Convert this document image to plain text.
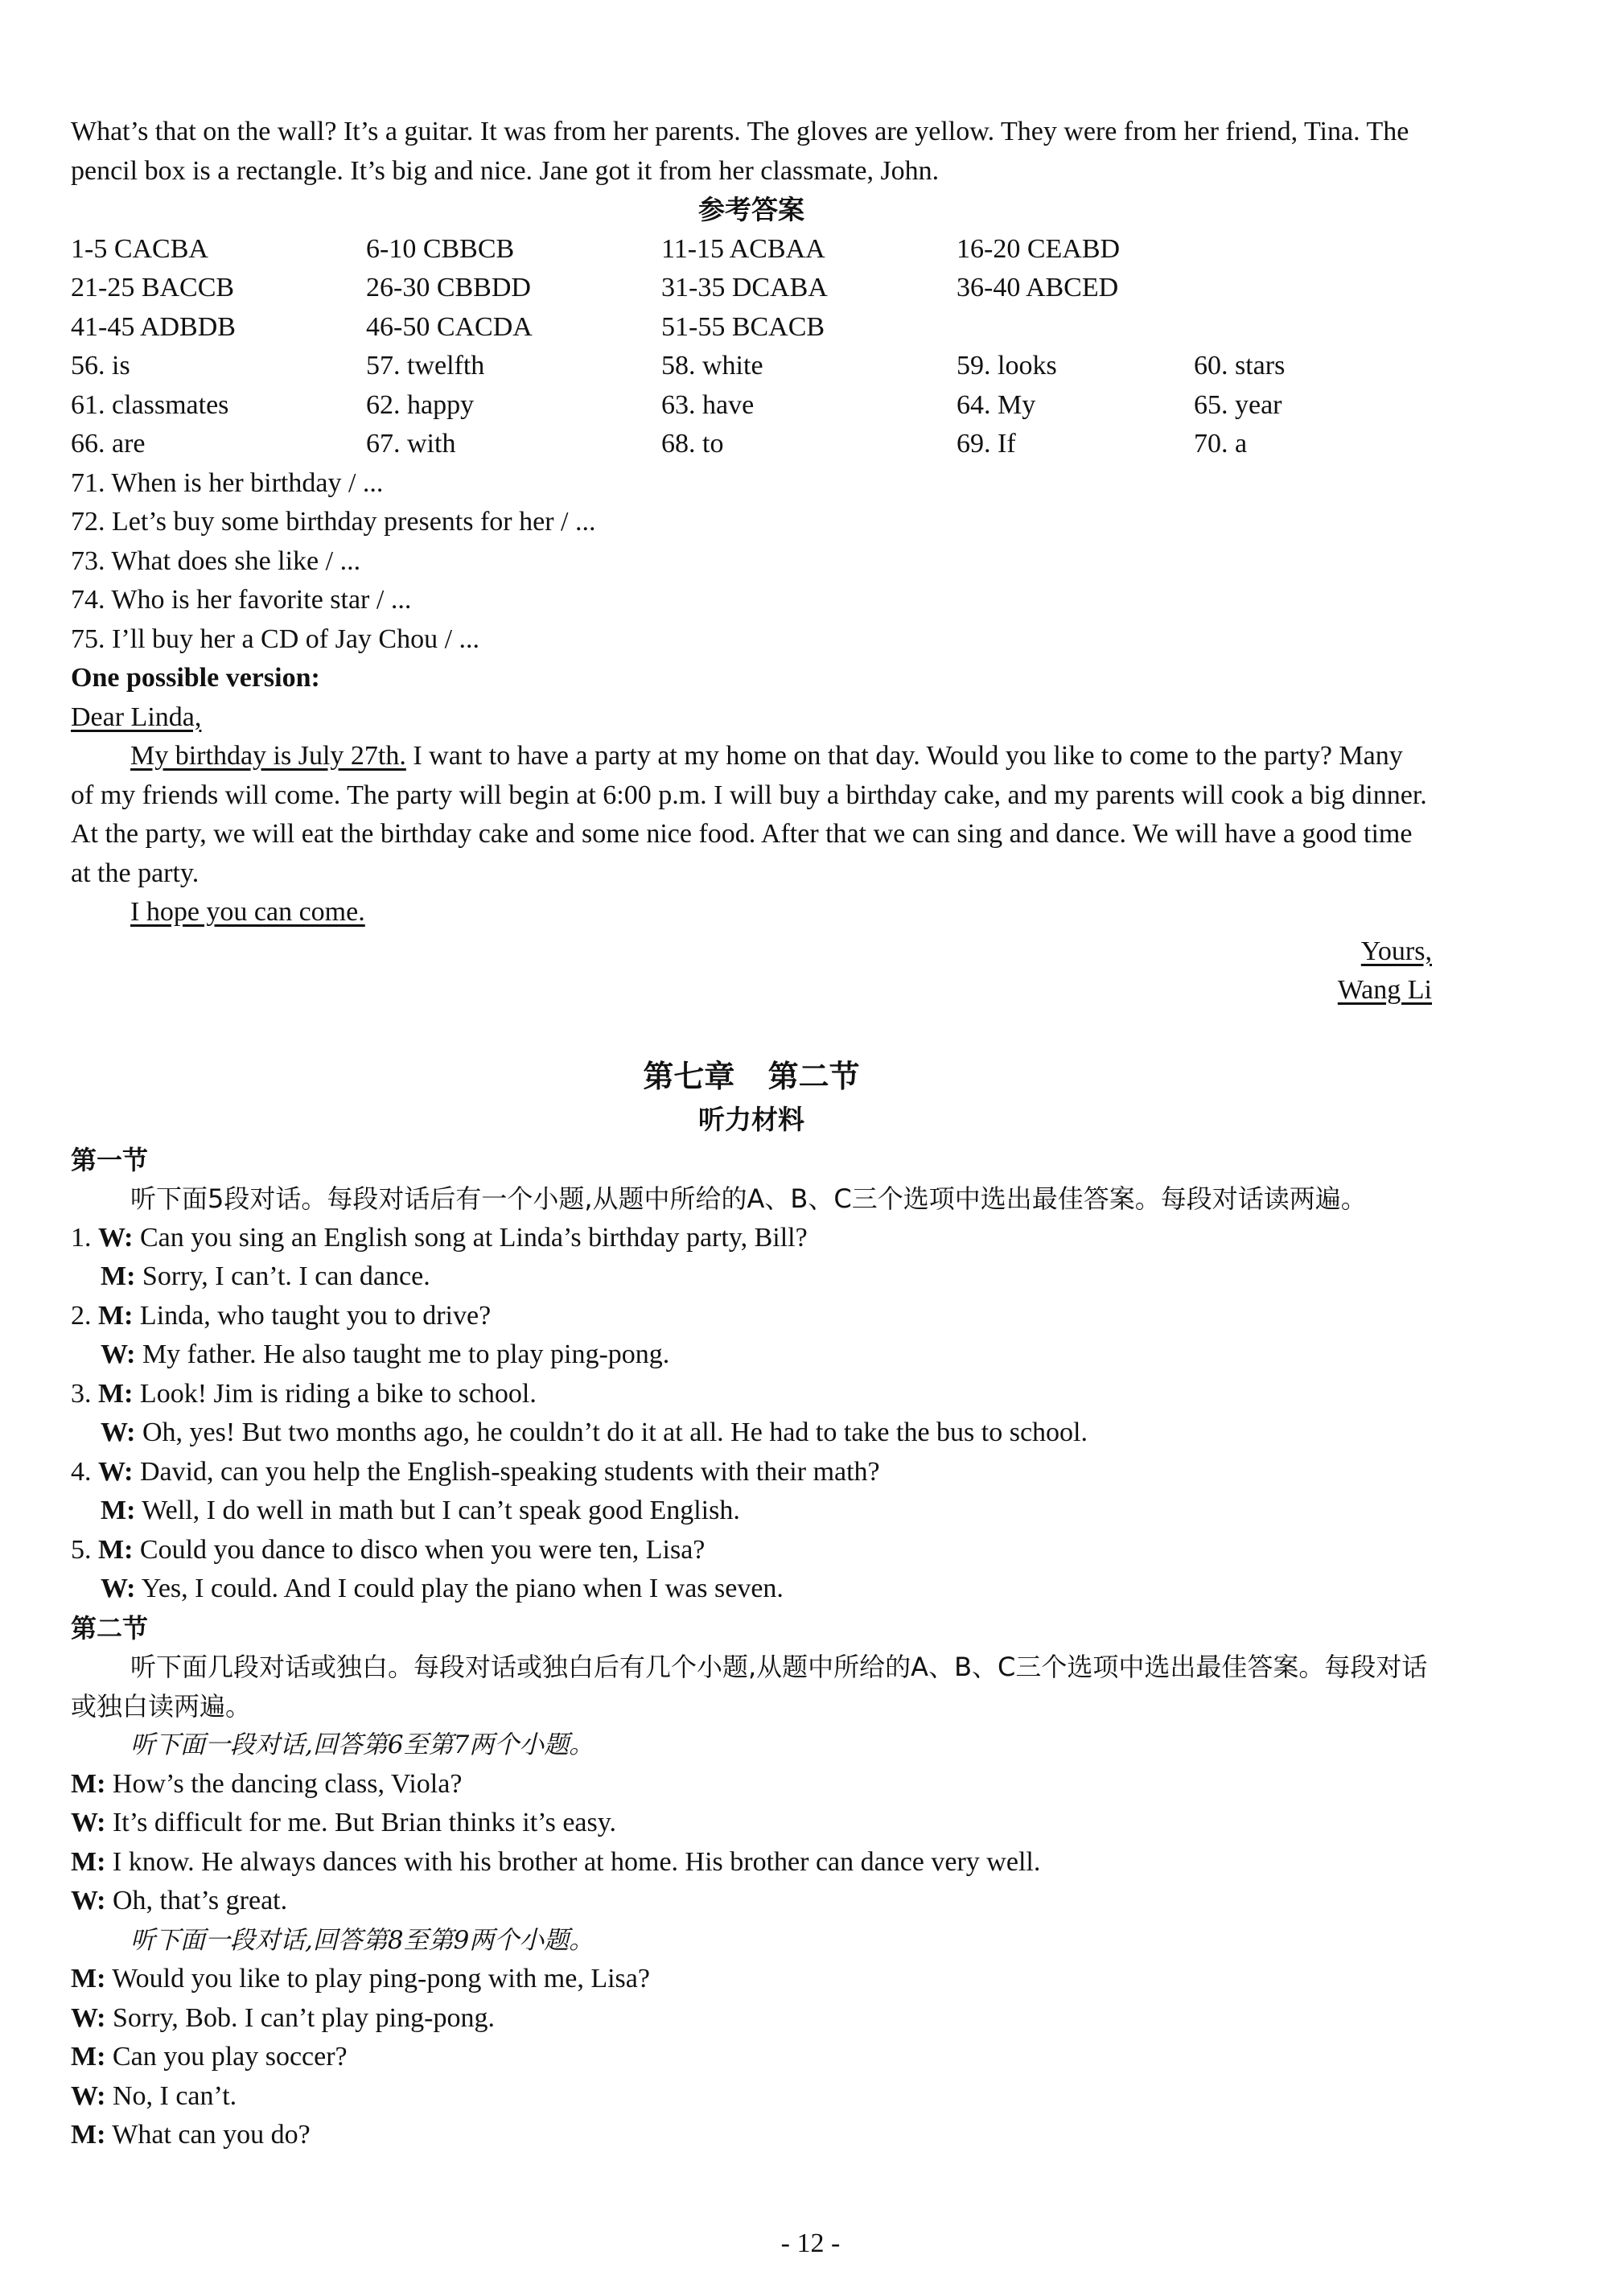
What’s that on the wall? It’s a guitar. It was from her parents. The gloves are yellow. They were from her friend, Tina. The pencil box is a rectangle. It’s big and nice. Jane got it from her classmate, John.

参考答案
1-5 CACBA	6-10 CBBCB	11-15 ACBAA	16-20 CEABD
21-25 BACCB	26-30 CBBDD	31-35 DCABA	36-40 ABCED
41-45 ADBDB	46-50 CACDA	51-55 BCACB
56. is	57. twelfth	58. white	59. looks	60. stars
61. classmates	62. happy	63. have	64. My	65. year
66. are	67. with	68. to	69. If	70. a
71. When is her birthday / ...
72. Let’s buy some birthday presents for her / ...
73. What does she like / ...
74. Who is her favorite star / ...
75. I’ll buy her a CD of Jay Chou / ...
One possible version:
Dear Linda,

My birthday is July 27th. I want to have a party at my home on that day. Would you like to come to the party? Many of my friends will come. The party will begin at 6:00 p.m. I will buy a birthday cake, and my parents will cook a big dinner. At the party, we will eat the birthday cake and some nice food. After that we can sing and dance. We will have a good time at the party.

I hope you can come.
Yours,
Wang Li
第七章 第二节
听力材料
第一节

听下面5段对话。每段对话后有一个小题,从题中所给的A、B、C三个选项中选出最佳答案。每段对话读两遍。

1. W: Can you sing an English song at Linda’s birthday party, Bill?
M: Sorry, I can’t. I can dance.
2. M: Linda, who taught you to drive?
W: My father. He also taught me to play ping-pong.
3. M: Look! Jim is riding a bike to school.
W: Oh, yes! But two months ago, he couldn’t do it at all. He had to take the bus to school.
4. W: David, can you help the English-speaking students with their math?
M: Well, I do well in math but I can’t speak good English.
5. M: Could you dance to disco when you were ten, Lisa?
W: Yes, I could. And I could play the piano when I was seven.
第二节

听下面几段对话或独白。每段对话或独白后有几个小题,从题中所给的A、B、C三个选项中选出最佳答案。每段对话或独白读两遍。

听下面一段对话,回答第6至第7两个小题。
M: How’s the dancing class, Viola?
W: It’s difficult for me. But Brian thinks it’s easy.
M: I know. He always dances with his brother at home. His brother can dance very well.
W: Oh, that’s great.
听下面一段对话,回答第8至第9两个小题。
M: Would you like to play ping-pong with me, Lisa?
W: Sorry, Bob. I can’t play ping-pong.
M: Can you play soccer?
W: No, I can’t.
M: What can you do?
- 12 -
